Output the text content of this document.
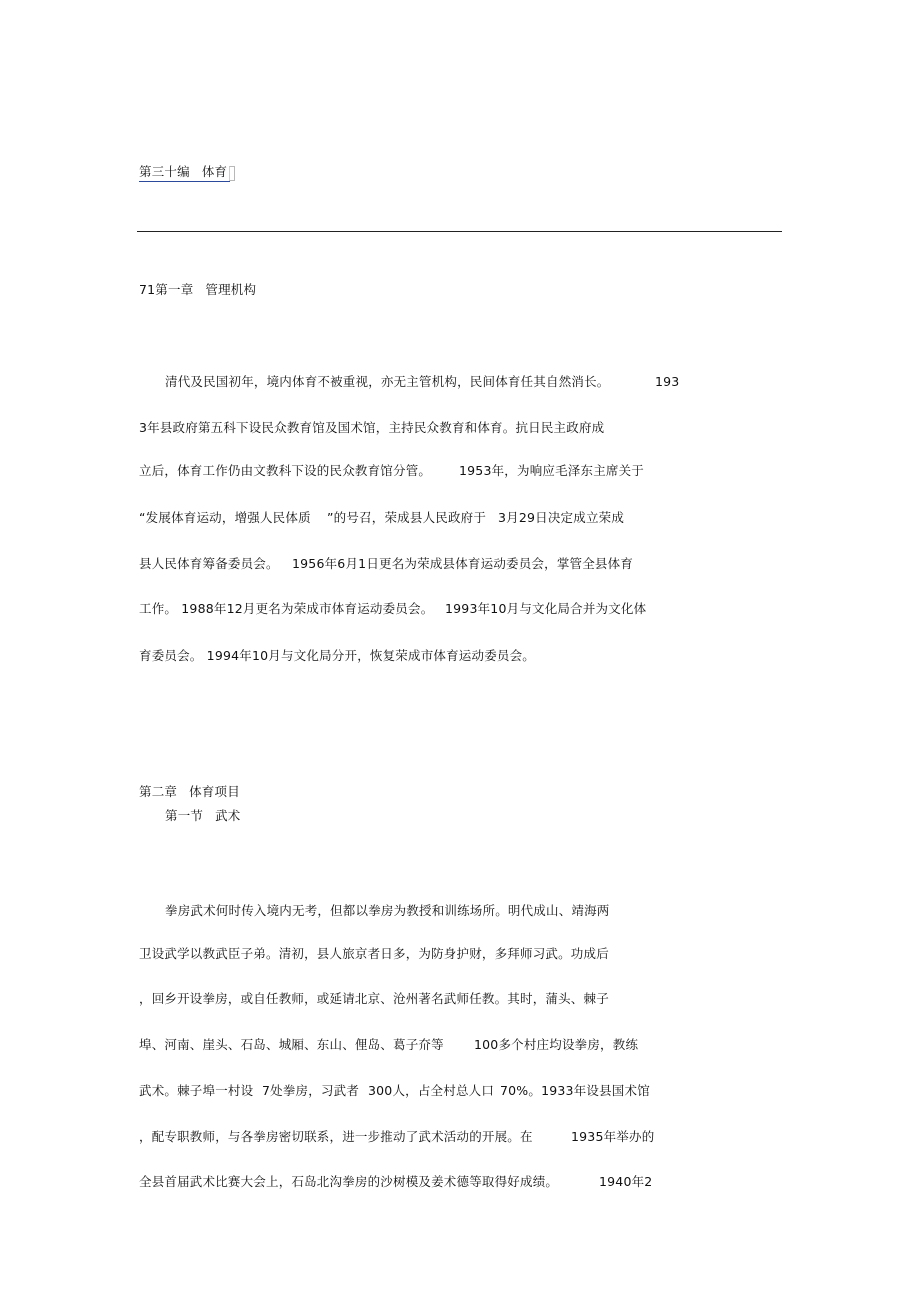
第三十编 体育
71第一章 管理机构
清代及民国初年，境内体育不被重视，亦无主管机构，民间体育任其自然消长。	193
3年县政府第五科下设民众教育馆及国术馆，主持民众教育和体育。抗日民主政府成
立后，体育工作仍由文教科下设的民众教育馆分管。 1953年，为响应毛泽东主席关于
“发展体育运动，增强人民体质 ”的号召，荣成县人民政府于 3月29日决定成立荣成
县人民体育筹备委员会。 1956年6月1日更名为荣成县体育运动委员会，掌管全县体育
工作。 1988年12月更名为荣成市体育运动委员会。 1993年10月与文化局合并为文化体
育委员会。 1994年10月与文化局分开，恢复荣成市体育运动委员会。
第二章 体育项目
第一节 武术
拳房武术何时传入境内无考，但都以拳房为教授和训练场所。明代成山、靖海两
卫设武学以教武臣子弟。清初，县人旅京者日多，为防身护财，多拜师习武。功成后
，回乡开设拳房，或自任教师，或延请北京、沧州著名武师任教。其时，蒲头、棘子
埠、河南、崖头、石岛、城厢、东山、俚岛、葛子夼等 100多个村庄均设拳房，教练
武术。棘子埠一村设 7处拳房，习武者 300人，占全村总人口 70%。1933年设县国术馆
，配专职教师，与各拳房密切联系，进一步推动了武术活动的开展。在	1935年举办的
全县首届武术比赛大会上，石岛北沟拳房的沙树模及姜术德等取得好成绩。	1940年2
